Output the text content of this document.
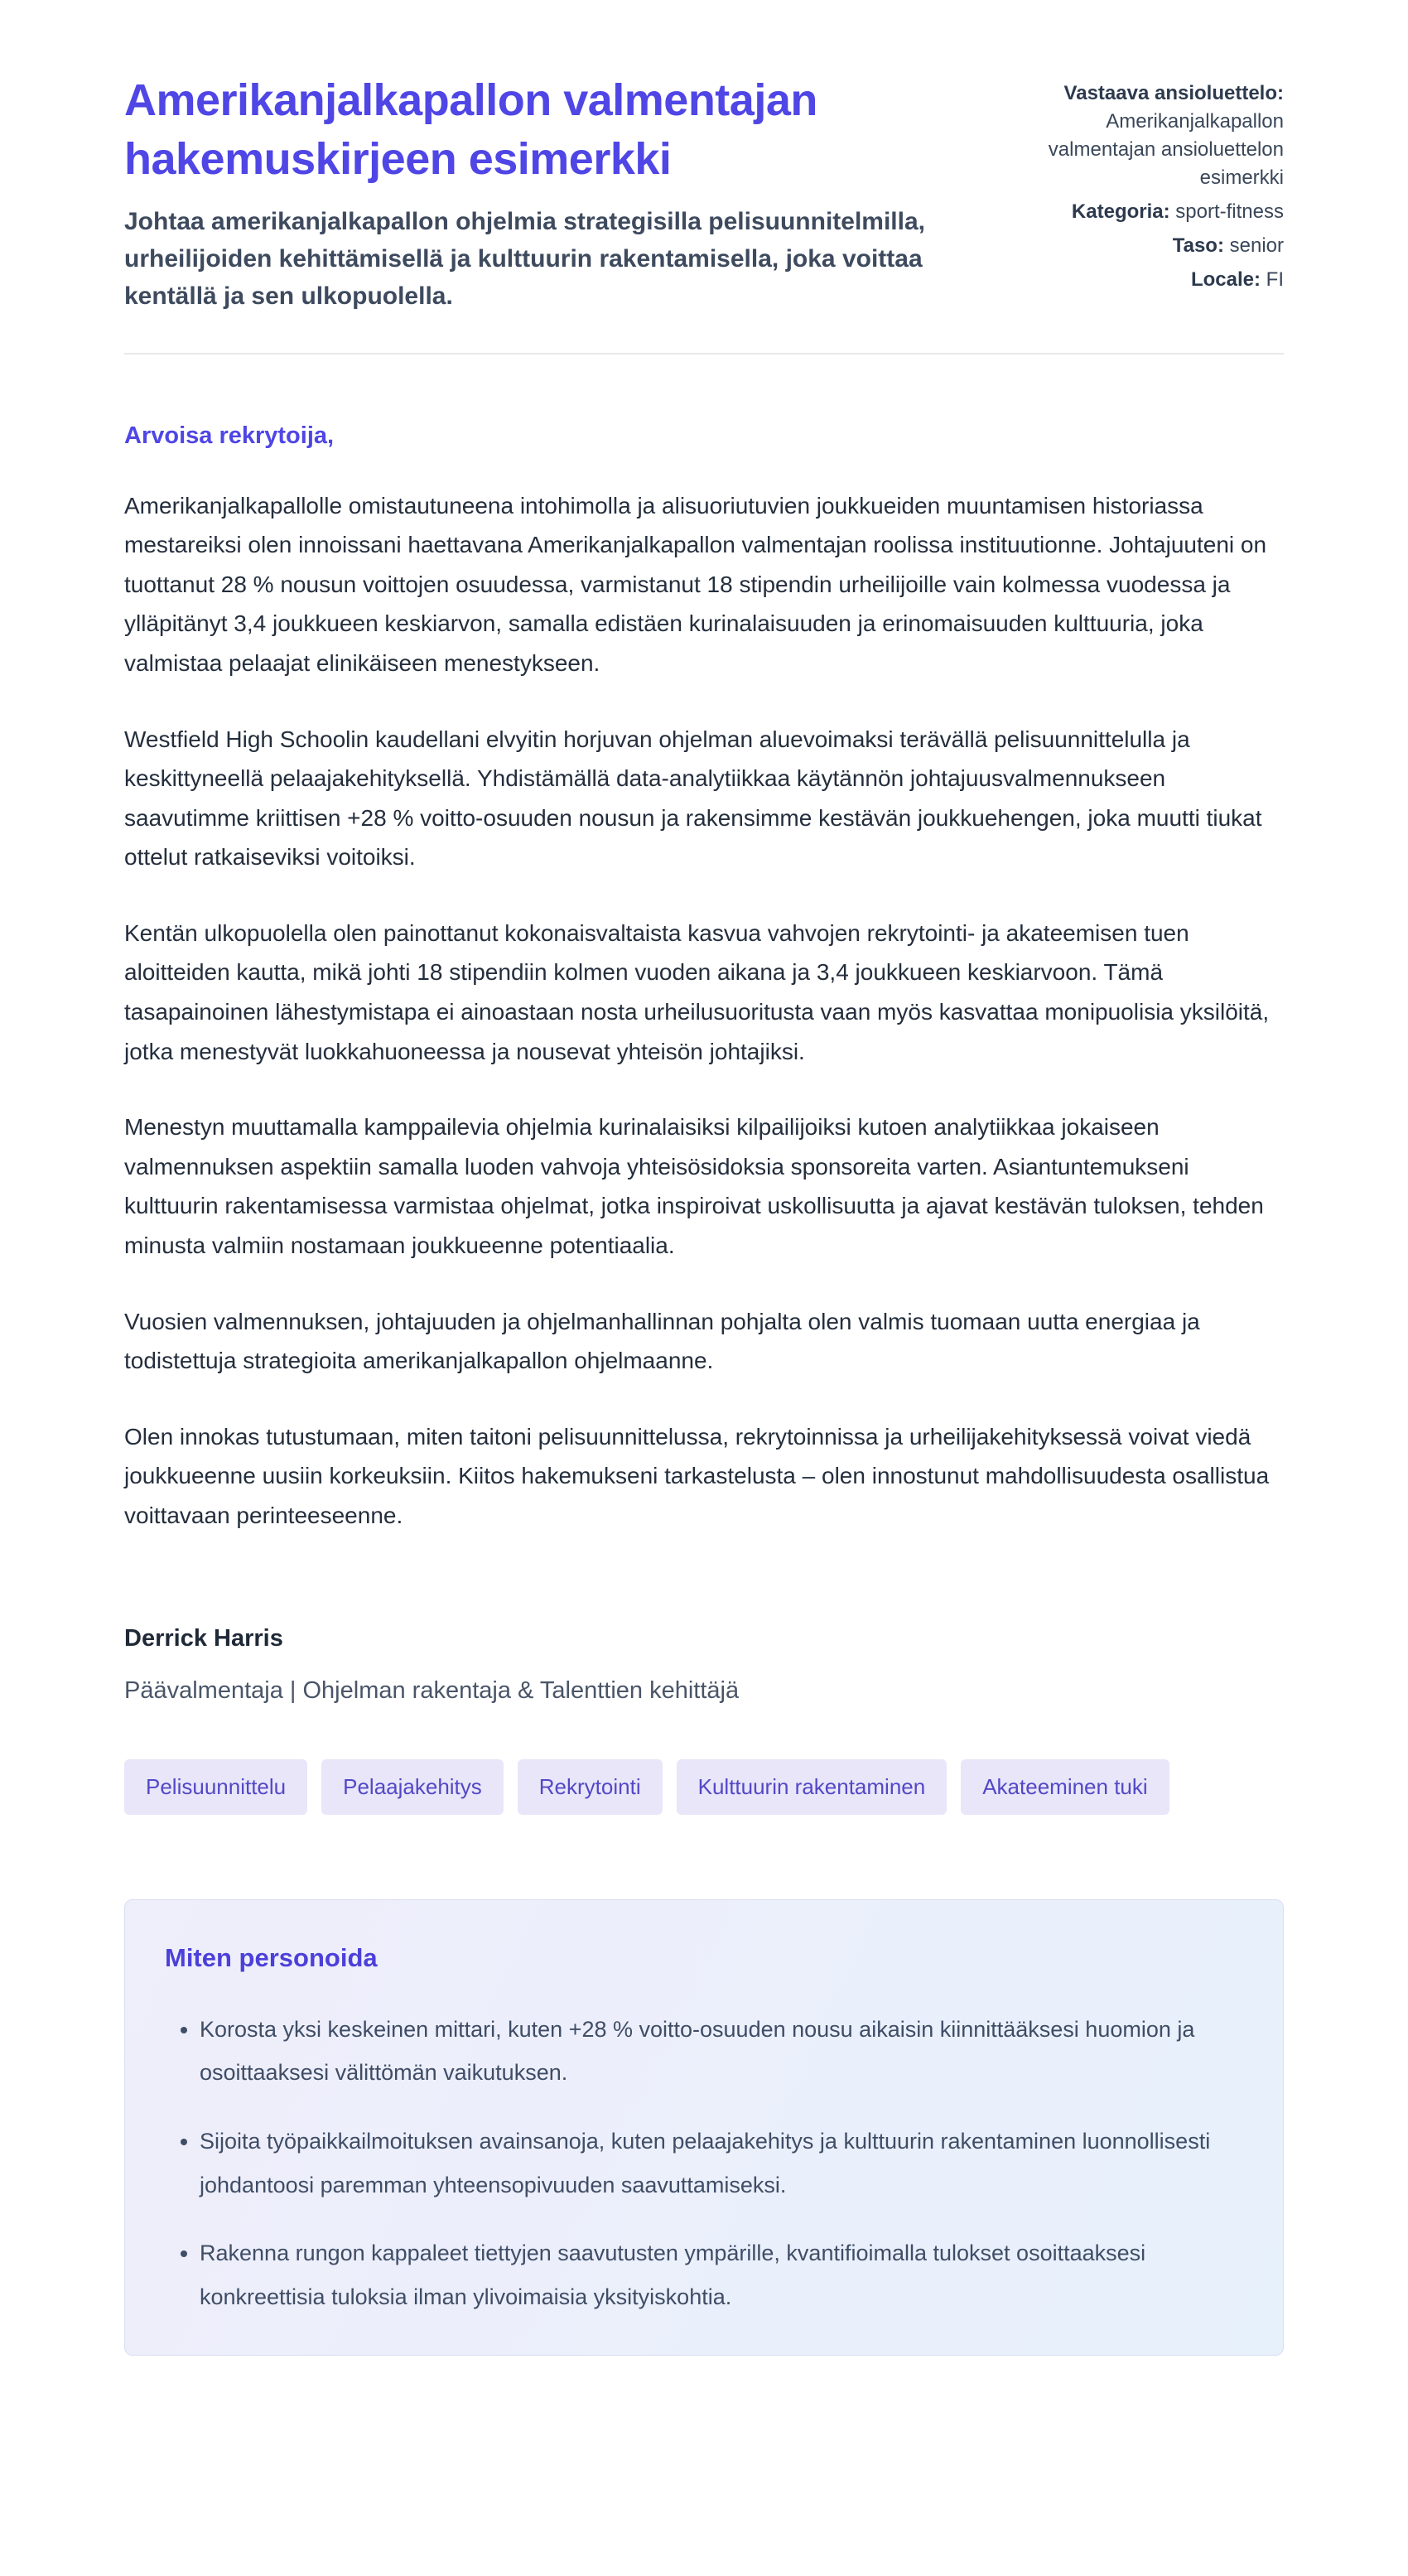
Amerikanjalkapallon valmentajan hakemuskirjeen esimerkki

Johtaa amerikanjalkapallon ohjelmia strategisilla pelisuunnitelmilla, urheilijoiden kehittämisellä ja kulttuurin rakentamisella, joka voittaa kentällä ja sen ulkopuolella.

Vastaava ansioluettelo: Amerikanjalkapallon valmentajan ansioluettelon esimerkki
Kategoria: sport-fitness
Taso: senior
Locale: FI
Arvoisa rekrytoija,

Amerikanjalkapallolle omistautuneena intohimolla ja alisuoriutuvien joukkueiden muuntamisen historiassa mestareiksi olen innoissani haettavana Amerikanjalkapallon valmentajan roolissa instituutionne. Johtajuuteni on tuottanut 28 % nousun voittojen osuudessa, varmistanut 18 stipendin urheilijoille vain kolmessa vuodessa ja ylläpitänyt 3,4 joukkueen keskiarvon, samalla edistäen kurinalaisuuden ja erinomaisuuden kulttuuria, joka valmistaa pelaajat elinikäiseen menestykseen.

Westfield High Schoolin kaudellani elvyitin horjuvan ohjelman aluevoimaksi terävällä pelisuunnittelulla ja keskittyneellä pelaajakehityksellä. Yhdistämällä data-analytiikkaa käytännön johtajuusvalmennukseen saavutimme kriittisen +28 % voitto-osuuden nousun ja rakensimme kestävän joukkuehengen, joka muutti tiukat ottelut ratkaiseviksi voitoiksi.

Kentän ulkopuolella olen painottanut kokonaisvaltaista kasvua vahvojen rekrytointi- ja akateemisen tuen aloitteiden kautta, mikä johti 18 stipendiin kolmen vuoden aikana ja 3,4 joukkueen keskiarvoon. Tämä tasapainoinen lähestymistapa ei ainoastaan nosta urheilusuoritusta vaan myös kasvattaa monipuolisia yksilöitä, jotka menestyvät luokkahuoneessa ja nousevat yhteisön johtajiksi.

Menestyn muuttamalla kamppailevia ohjelmia kurinalaisiksi kilpailijoiksi kutoen analytiikkaa jokaiseen valmennuksen aspektiin samalla luoden vahvoja yhteisösidoksia sponsoreita varten. Asiantuntemukseni kulttuurin rakentamisessa varmistaa ohjelmat, jotka inspiroivat uskollisuutta ja ajavat kestävän tuloksen, tehden minusta valmiin nostamaan joukkueenne potentiaalia.

Vuosien valmennuksen, johtajuuden ja ohjelmanhallinnan pohjalta olen valmis tuomaan uutta energiaa ja todistettuja strategioita amerikanjalkapallon ohjelmaanne.

Olen innokas tutustumaan, miten taitoni pelisuunnittelussa, rekrytoinnissa ja urheilijakehityksessä voivat viedä joukkueenne uusiin korkeuksiin. Kiitos hakemukseni tarkastelusta – olen innostunut mahdollisuudesta osallistua voittavaan perinteeseenne.

Derrick Harris
Päävalmentaja | Ohjelman rakentaja & Talenttien kehittäjä
Pelisuunnittelu	Pelaajakehitys	Rekrytointi	Kulttuurin rakentaminen	Akateeminen tuki
Miten personoida
• Korosta yksi keskeinen mittari, kuten +28 % voitto-osuuden nousu aikaisin kiinnittääksesi huomion ja osoittaaksesi välittömän vaikutuksen.
• Sijoita työpaikkailmoituksen avainsanoja, kuten pelaajakehitys ja kulttuurin rakentaminen luonnollisesti johdantoosi paremman yhteensopivuuden saavuttamiseksi.
• Rakenna rungon kappaleet tiettyjen saavutusten ympärille, kvantifioimalla tulokset osoittaaksesi konkreettisia tuloksia ilman ylivoimaisia yksityiskohtia.
